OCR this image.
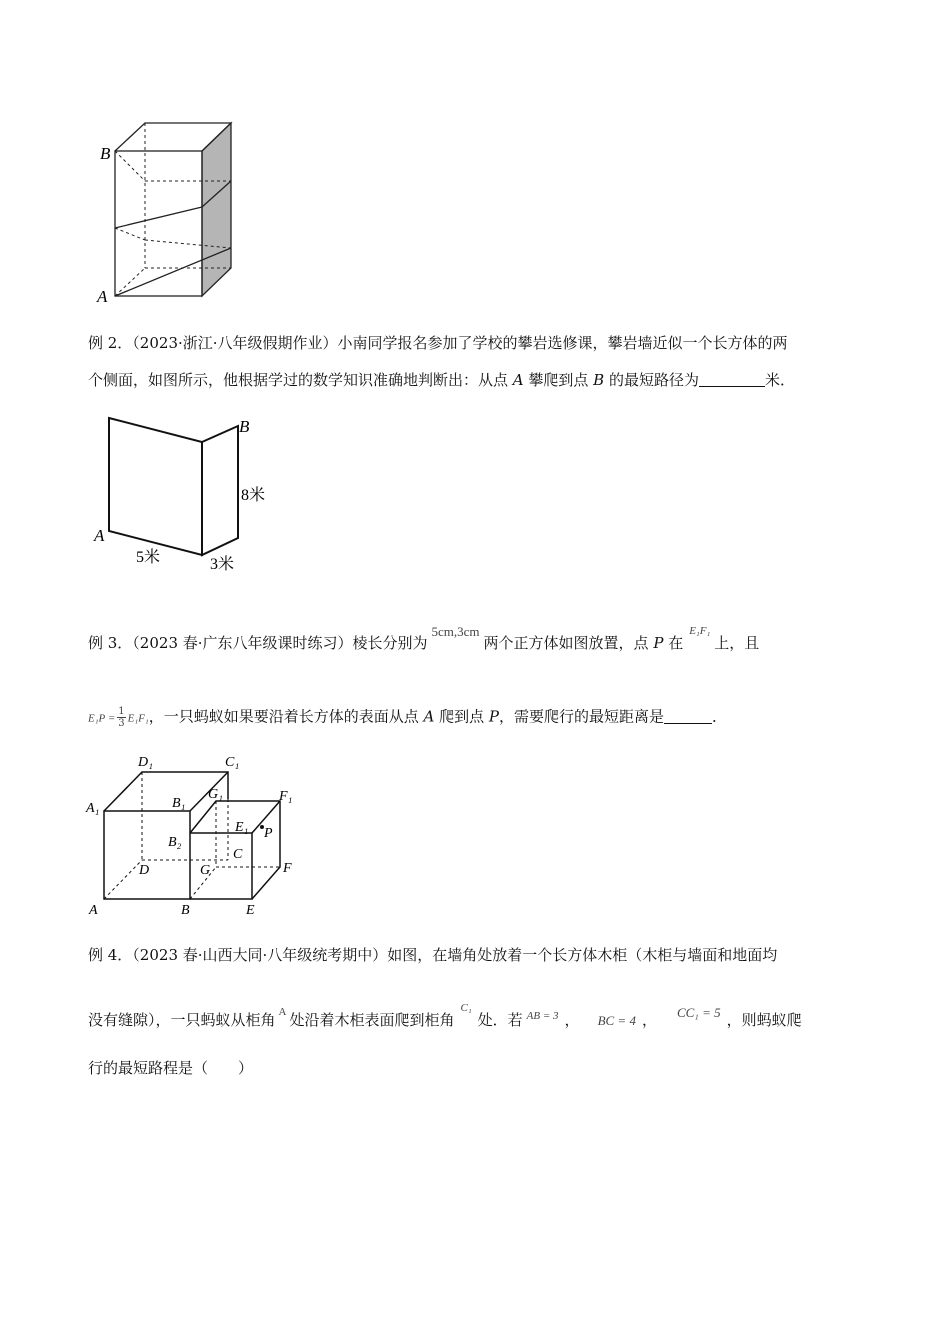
B
A
例 2．（2023·浙江·八年级假期作业）小南同学报名参加了学校的攀岩选修课，攀岩墙近似一个长方体的两
个侧面，如图所示，他根据学过的数学知识准确地判断出：从点 A 攀爬到点 B 的最短路径为	米．
A
B
8米
5米	3米
例 3．（2023 春·广东八年级课时练习）棱长分别为5cm,3cm两个正方体如图放置，点 P 在$^{E_1F_1}$上，且
$E_1P = \frac{1}{3} E_1F_1$，一只蚂蚁如果要沿着长方体的表面从点 A 爬到点 P，需要爬行的最短距离是	．
D₁	C₁
A₁	B₁
G₁	F₁
E₁ P
B₂
C
D	G	F
A	B	E
例 4．（2023 春·山西大同·八年级统考期中）如图，在墙角处放着一个长方体木柜（木柜与墙面和地面均
没有缝隙），一只蚂蚁从柜角 $^A$ 处沿着木柜表面爬到柜角$^{C_1}$处．若 $^{AB = 3}$ ， BC = 4 ， CC₁ = 5 ，则蚂蚁爬
行的最短路程是（　　）
